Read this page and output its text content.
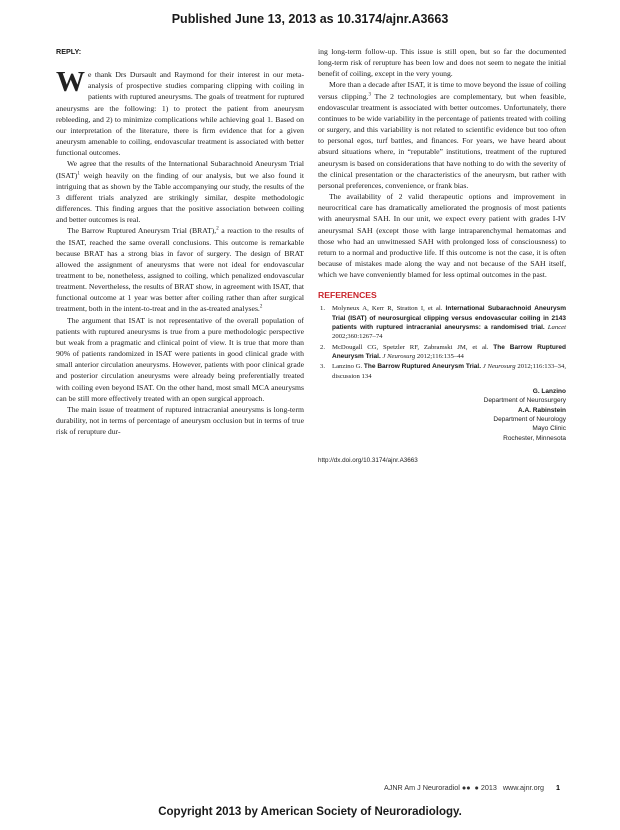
Published June 13, 2013 as 10.3174/ajnr.A3663
REPLY:

We thank Drs Dursault and Raymond for their interest in our meta-analysis of prospective studies comparing clipping with coiling in patients with ruptured aneurysms. The goals of treatment for ruptured aneurysms are the following: 1) to protect the patient from aneurysm rebleeding, and 2) to minimize complications while achieving goal 1. Based on our interpretation of the literature, there is firm evidence that for a given aneurysm amenable to coiling, endovascular treatment is associated with better functional outcomes.

We agree that the results of the International Subarachnoid Aneurysm Trial (ISAT)$^1$ weigh heavily on the finding of our analysis, but we also found it intriguing that as shown by the Table accompanying our study, the results of the 3 different trials analyzed are strikingly similar, despite methodologic differences. This finding argues that the positive association between coiling and better outcomes is real.

The Barrow Ruptured Aneurysm Trial (BRAT),$^2$ a reaction to the results of the ISAT, reached the same overall conclusions. This outcome is remarkable because BRAT has a strong bias in favor of surgery. The design of BRAT allowed the assignment of aneurysms that were not ideal for endovascular treatment to be, nonetheless, assigned to coiling, which penalized endovascular treatment. Nevertheless, the results of BRAT show, in agreement with ISAT, that functional outcome at 1 year was better after coiling rather than after surgical treatment, both in the intent-to-treat and in the as-treated analyses.$^2$

The argument that ISAT is not representative of the overall population of patients with ruptured aneurysms is true from a pure methodologic perspective but weak from a pragmatic and clinical point of view. It is true that more than 90% of patients randomized in ISAT were patients in good clinical grade with small anterior circulation aneurysms. However, patients with poor clinical grade and posterior circulation aneurysms were already being preferentially treated with coiling even beyond ISAT. On the other hand, most small MCA aneurysms can be still more effectively treated with an open surgical approach.

The main issue of treatment of ruptured intracranial aneurysms is long-term durability, not in terms of percentage of aneurysm occlusion but in terms of true risk of rerupture dur-

ing long-term follow-up. This issue is still open, but so far the documented long-term risk of rerupture has been low and does not seem to negate the initial benefit of coiling, except in the very young.

More than a decade after ISAT, it is time to move beyond the issue of coiling versus clipping.$^3$ The 2 technologies are complementary, but when feasible, endovascular treatment is associated with better outcomes. Unfortunately, there continues to be wide variability in the percentage of patients treated with coiling or surgery, and this variability is not related to scientific evidence but too often to personal egos, turf battles, and finances. For years, we have heard about absurd situations where, in “reputable” institutions, treatment of the ruptured aneurysm is based on considerations that have nothing to do with the severity of the clinical presentation or the characteristics of the aneurysm, but rather with personal preferences, convenience, or frank bias.

The availability of 2 valid therapeutic options and improvement in neurocritical care has dramatically ameliorated the prognosis of most patients with aneurysmal SAH. In our unit, we expect every patient with grades I-IV aneurysmal SAH (except those with large intraparenchymal hematomas and those who had an unwitnessed SAH with prolonged loss of consciousness) to return to a normal and productive life. If this outcome is not the case, it is often because of mistakes made along the way and not because of the SAH itself, which we have conveniently blamed for less optimal outcomes in the past.

REFERENCES
1. Molyneux A, Kerr R, Stratton I, et al. International Subarachnoid Aneurysm Trial (ISAT) of neurosurgical clipping versus endovascular coiling in 2143 patients with ruptured intracranial aneurysms: a randomised trial. Lancet 2002;360:1267–74
2. McDougall CG, Spetzler RF, Zabramski JM, et al. The Barrow Ruptured Aneurysm Trial. J Neurosurg 2012;116:135–44
3. Lanzino G. The Barrow Ruptured Aneurysm Trial. J Neurosurg 2012;116:133–34, discussion 134
G. Lanzino
Department of Neurosurgery
A.A. Rabinstein
Department of Neurology
Mayo Clinic
Rochester, Minnesota
http://dx.doi.org/10.3174/ajnr.A3663
AJNR Am J Neuroradiol ●●  ● 2013   www.ajnr.org 1
Copyright 2013 by American Society of Neuroradiology.
